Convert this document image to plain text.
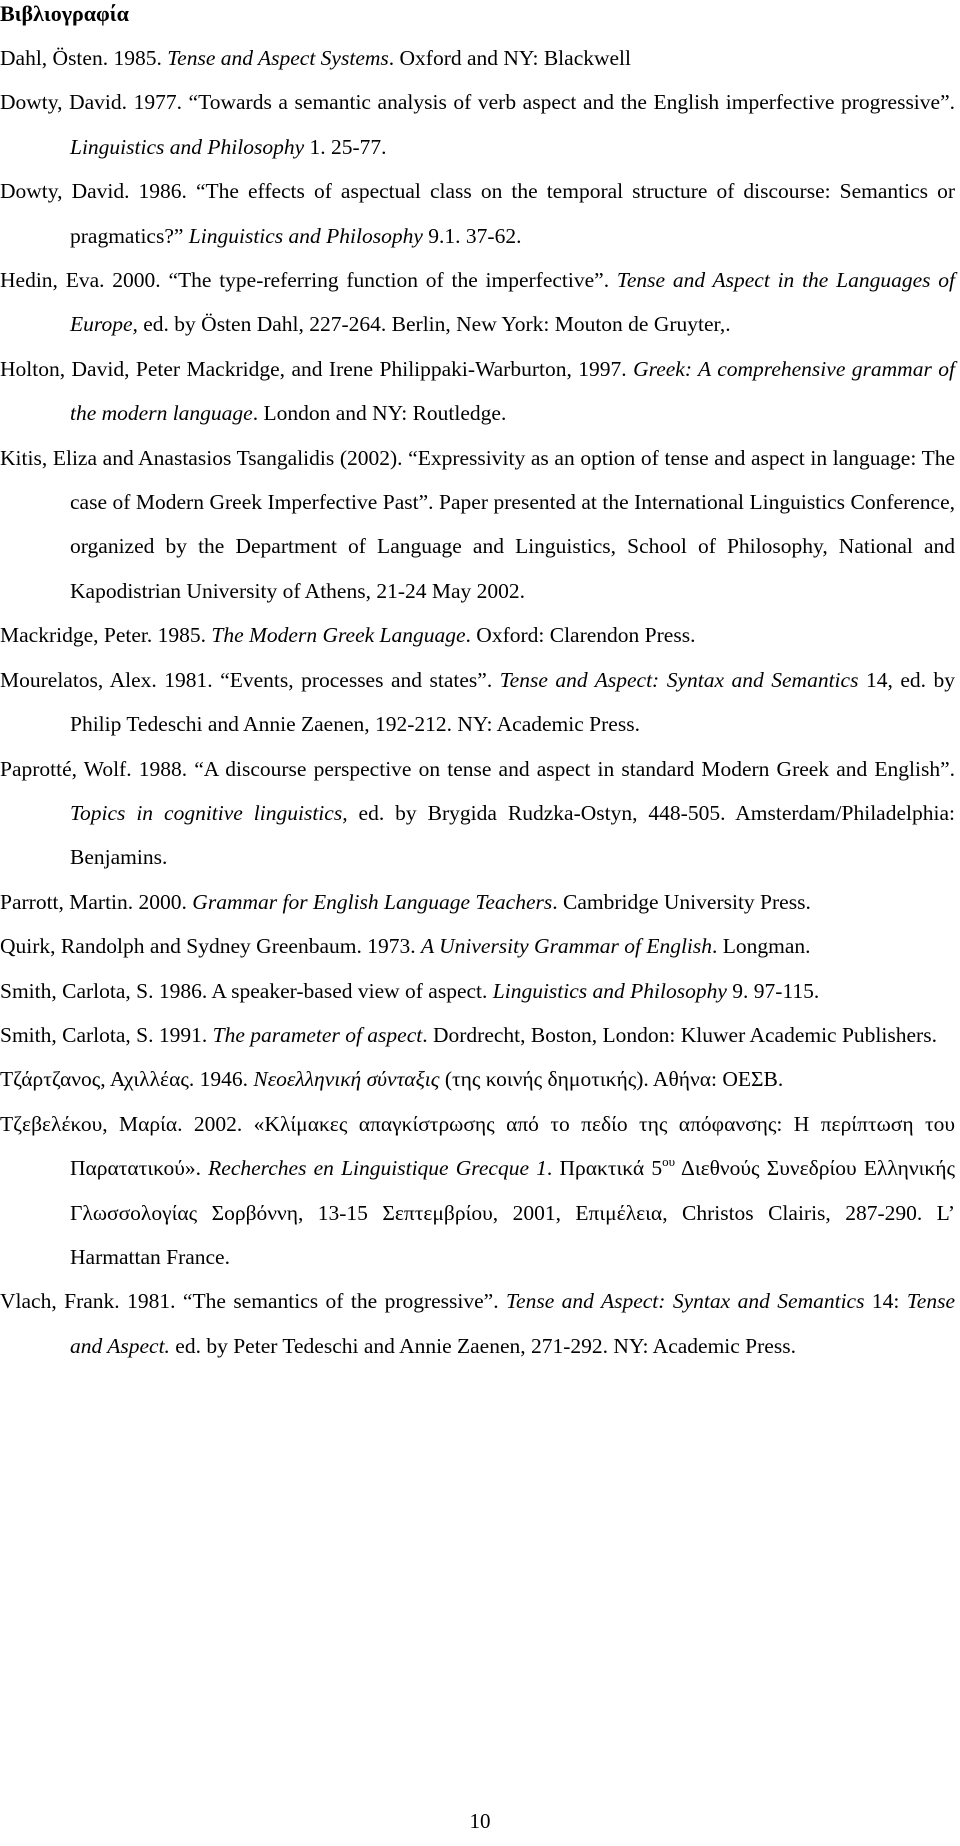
Βιβλιογραφία

Dahl, Östen. 1985. Tense and Aspect Systems. Oxford and NY: Blackwell

Dowty, David. 1977. “Towards a semantic analysis of verb aspect and the English imperfective progressive”. Linguistics and Philosophy 1. 25-77.

Dowty, David. 1986. “The effects of aspectual class on the temporal structure of discourse: Semantics or pragmatics?” Linguistics and Philosophy 9.1. 37-62.

Hedin, Eva. 2000. “The type-referring function of the imperfective”. Tense and Aspect in the Languages of Europe, ed. by Östen Dahl, 227-264. Berlin, New York: Mouton de Gruyter,.

Holton, David, Peter Mackridge, and Irene Philippaki-Warburton, 1997. Greek: A comprehensive grammar of the modern language. London and NY: Routledge.

Kitis, Eliza and Anastasios Tsangalidis (2002). “Expressivity as an option of tense and aspect in language: The case of Modern Greek Imperfective Past”. Paper presented at the International Linguistics Conference, organized by the Department of Language and Linguistics, School of Philosophy, National and Kapodistrian University of Athens, 21-24 May 2002.

Mackridge, Peter. 1985. The Modern Greek Language. Oxford: Clarendon Press.

Mourelatos, Alex. 1981. “Events, processes and states”. Tense and Aspect: Syntax and Semantics 14, ed. by Philip Tedeschi and Annie Zaenen, 192-212. NY: Academic Press.

Paprotté, Wolf. 1988. “A discourse perspective on tense and aspect in standard Modern Greek and English”. Topics in cognitive linguistics, ed. by Brygida Rudzka-Ostyn, 448-505. Amsterdam/Philadelphia: Benjamins.

Parrott, Martin. 2000. Grammar for English Language Teachers. Cambridge University Press.

Quirk, Randolph and Sydney Greenbaum. 1973. A University Grammar of English. Longman.

Smith, Carlota, S. 1986. A speaker-based view of aspect. Linguistics and Philosophy 9. 97-115.

Smith, Carlota, S. 1991. The parameter of aspect. Dordrecht, Boston, London: Kluwer Academic Publishers.

Τζάρτζανος, Αχιλλέας. 1946. Νεοελληνική σύνταξις (της κοινής δημοτικής). Αθήνα: ΟΕΣΒ.

Τζεβελέκου, Μαρία. 2002. «Κλίμακες απαγκίστρωσης από το πεδίο της απόφανσης: Η περίπτωση του Παρατατικού». Recherches en Linguistique Grecque 1. Πρακτικά $5^{o\upsilon}$ Διεθνούς Συνεδρίου Ελληνικής Γλωσσολογίας Σορβόννη, 13-15 Σεπτεμβρίου, 2001, Επιμέλεια, Christos Clairis, 287-290. L’ Harmattan France.

Vlach, Frank. 1981. “The semantics of the progressive”. Tense and Aspect: Syntax and Semantics 14: Tense and Aspect. ed. by Peter Tedeschi and Annie Zaenen, 271-292. NY: Academic Press.

10
